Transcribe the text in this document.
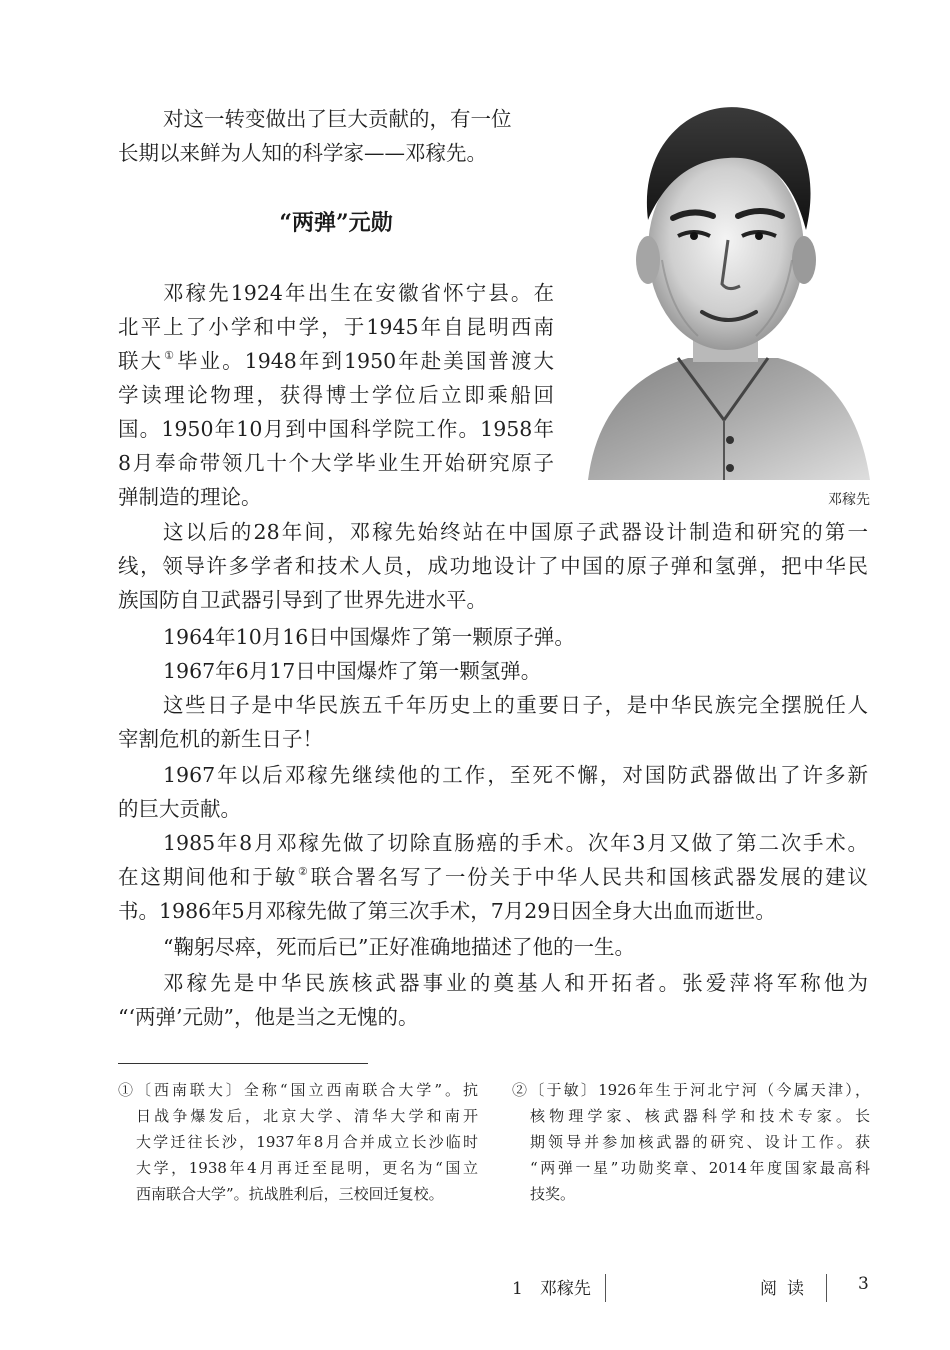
对这一转变做出了巨大贡献的，有一位
长期以来鲜为人知的科学家——邓稼先。
“两弹”元勋
邓稼先
邓稼先1924年出生在安徽省怀宁县。在
北平上了小学和中学，于1945年自昆明西南
联大①毕业。1948年到1950年赴美国普渡大
学读理论物理，获得博士学位后立即乘船回
国。1950年10月到中国科学院工作。1958年
8月奉命带领几十个大学毕业生开始研究原子
弹制造的理论。
这以后的28年间，邓稼先始终站在中国原子武器设计制造和研究的第一
线，领导许多学者和技术人员，成功地设计了中国的原子弹和氢弹，把中华民
族国防自卫武器引导到了世界先进水平。
1964年10月16日中国爆炸了第一颗原子弹。
1967年6月17日中国爆炸了第一颗氢弹。
这些日子是中华民族五千年历史上的重要日子，是中华民族完全摆脱任人
宰割危机的新生日子！
1967年以后邓稼先继续他的工作，至死不懈，对国防武器做出了许多新
的巨大贡献。
1985年8月邓稼先做了切除直肠癌的手术。次年3月又做了第二次手术。
在这期间他和于敏②联合署名写了一份关于中华人民共和国核武器发展的建议
书。1986年5月邓稼先做了第三次手术，7月29日因全身大出血而逝世。
“鞠躬尽瘁，死而后已”正好准确地描述了他的一生。
邓稼先是中华民族核武器事业的奠基人和开拓者。张爱萍将军称他为
“‘两弹’元勋”，他是当之无愧的。
①〔西南联大〕全称“国立西南联合大学”。抗
日战争爆发后，北京大学、清华大学和南开
大学迁往长沙，1937年8月合并成立长沙临时
大学，1938年4月再迁至昆明，更名为“国立
西南联合大学”。抗战胜利后，三校回迁复校。
②〔于敏〕1926年生于河北宁河（今属天津），
核物理学家、核武器科学和技术专家。长
期领导并参加核武器的研究、设计工作。获
“两弹一星”功勋奖章、2014年度国家最高科
技奖。
1　邓稼先	阅读	3
